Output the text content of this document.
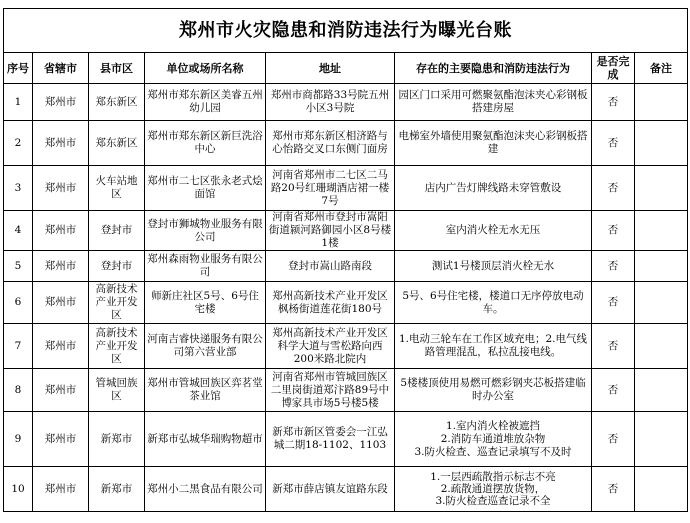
郑州市火灾隐患和消防违法行为曝光台账							
序号	省辖市	县市区	单位或场所名称	地址	存在的主要隐患和消防违法行为	是否完成	备注
1	郑州市	郑东新区	郑州市郑东新区美睿五州幼儿园	郑州市商都路33号院五州小区3号院	园区门口采用可燃聚氨酯泡沫夹心彩钢板搭建房屋	否	
2	郑州市	郑东新区	郑州市郑东新区新巨洗浴中心	郑州市郑东新区相济路与心怡路交叉口东侧门面房	电梯室外墙使用聚氨酯泡沫夹心彩钢板搭建	否	
3	郑州市	火车站地区	郑州市二七区张永老式烩面馆	河南省郑州市二七区二马路20号红珊瑚酒店裙一楼7号	店内广告灯牌线路未穿管敷设	否	
4	郑州市	登封市	登封市狮城物业服务有限公司	河南省郑州市登封市嵩阳街道颍河路御园小区8号楼1楼	室内消火栓无水无压	否	
5	郑州市	登封市	郑州森雨物业服务有限公司	登封市嵩山路南段	测试1号楼顶层消火栓无水	否	
6	郑州市	高新技术产业开发区	师新庄社区5号、6号住宅楼	郑州高新技术产业开发区枫杨街道莲花街180号	5号、6号住宅楼，楼道口无序停放电动车。	否	
7	郑州市	高新技术产业开发区	河南吉睿快递服务有限公司第六营业部	郑州高新技术产业开发区科学大道与雪松路向西200米路北院内	1.电动三轮车在工作区域充电；2.电气线路管理混乱，私拉乱接电线。	否	
8	郑州市	管城回族区	郑州市管城回族区弈茗堂茶业馆	河南省郑州市管城回族区二里岗街道郑汴路89号中博家具市场5号楼5楼	5楼楼顶使用易燃可燃彩钢夹芯板搭建临时办公室	否	
9	郑州市	新郑市	新郑市弘城华瑞购物超市	新郑市新区管委会一江弘城二期18-1102、1103	1.室内消火栓被遮挡
2.消防车通道堆放杂物
3.防火检查、巡查记录填写不及时	否	
10	郑州市	新郑市	郑州小二黑食品有限公司	新郑市薛店镇友谊路东段	1.一层西疏散指示标志不亮
2.疏散通道摆放货物，
3.防火检查巡查记录不全	否	
